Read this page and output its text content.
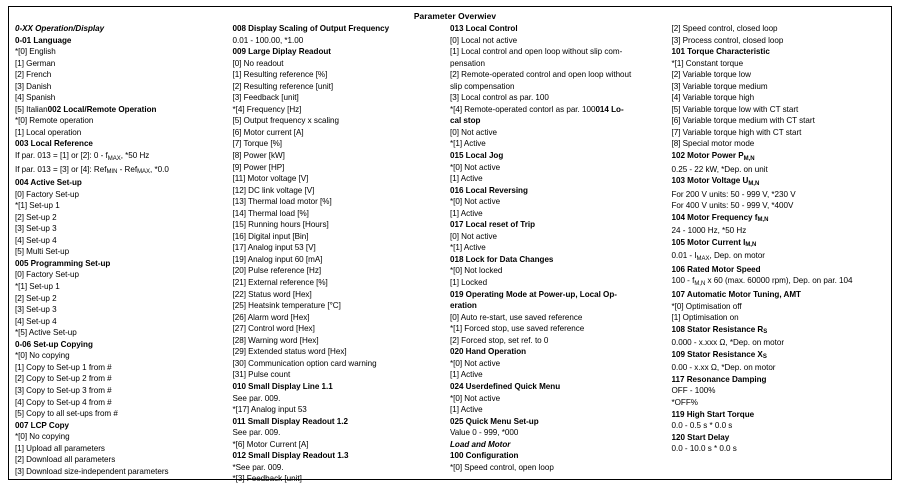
Parameter Overwiev
0-XX Operation/Display
0-01 Language
*[0] English
[1] German
[2] French
[3] Danish
[4] Spanish
[5] Italian002 Local/Remote Operation
*[0] Remote operation
[1] Local operation
003 Local Reference
If par. 013 = [1] or [2]: $0 - f_{MAX}$, *50 Hz
If par. 013 = [3] or [4]: Ref$_{MIN}$ - Ref$_{MAX}$, *0.0
004 Active Set-up
[0] Factory Set-up
*[1] Set-up 1
[2] Set-up 2
[3] Set-up 3
[4] Set-up 4
[5] Multi Set-up
005 Programming Set-up
[0] Factory Set-up
*[1] Set-up 1
[2] Set-up 2
[3] Set-up 3
[4] Set-up 4
*[5] Active Set-up
0-06 Set-up Copying
*[0] No copying
[1] Copy to Set-up 1 from #
[2] Copy to Set-up 2 from #
[3] Copy to Set-up 3 from #
[4] Copy to Set-up 4 from #
[5] Copy to all set-ups from #
007 LCP Copy
*[0] No copying
[1] Upload all parameters
[2] Download all parameters
[3] Download size-independent parameters
008 Display Scaling of Output Frequency
0.01 - 100.00, *1.00
009 Large Diplay Readout
[0] No readout
[1] Resulting reference [%]
[2] Resulting reference [unit]
[3] Feedback [unit]
*[4] Frequency [Hz]
[5] Output frequency x scaling
[6] Motor current [A]
[7] Torque [%]
[8] Power [kW]
[9] Power [HP]
[11] Motor voltage [V]
[12] DC link voltage [V]
[13] Thermal load motor [%]
[14] Thermal load [%]
[15] Running hours [Hours]
[16] Digital input [Bin]
[17] Analog input 53 [V]
[19] Analog input 60 [mA]
[20] Pulse reference [Hz]
[21] External reference [%]
[22] Status word [Hex]
[25] Heatsink temperature [°C]
[26] Alarm word [Hex]
[27] Control word [Hex]
[28] Warning word [Hex]
[29] Extended status word [Hex]
[30] Communication option card warning
[31] Pulse count
010 Small Display Line 1.1
See par. 009.
*[17] Analog input 53
011 Small Display Readout 1.2
See par. 009.
*[6] Motor Current [A]
012 Small Display Readout 1.3
*See par. 009.
*[3] Feedback [unit]
013 Local Control
[0] Local not active
[1] Local control and open loop without slip com-
pensation
[2] Remote-operated control and open loop without
slip compensation
[3] Local control as par. 100
*[4] Remote-operated contorl as par. 100014 Lo-
cal stop
[0] Not active
*[1] Active
015 Local Jog
*[0] Not active
[1] Active
016 Local Reversing
*[0] Not active
[1] Active
017 Local reset of Trip
[0] Not active
*[1] Active
018 Lock for Data Changes
*[0] Not locked
[1] Locked
019 Operating Mode at Power-up, Local Op-
eration
[0] Auto re-start, use saved reference
*[1] Forced stop, use saved reference
[2] Forced stop, set ref. to 0
020 Hand Operation
*[0] Not active
[1] Active
024 Userdefined Quick Menu
*[0] Not active
[1] Active
025 Quick Menu Set-up
Value 0 - 999, *000
Load and Motor
100 Configuration
*[0] Speed control, open loop
[2] Speed control, closed loop
[3] Process control, closed loop
101 Torque Characteristic
*[1] Constant torque
[2] Variable torque low
[3] Variable torque medium
[4] Variable torque high
[5] Variable torque low with CT start
[6] Variable torque medium with CT start
[7] Variable torque high with CT start
[8] Special motor mode
102 Motor Power $P_{M,N}$
0.25 - 22 kW, *Dep. on unit
103 Motor Voltage $U_{M,N}$
For 200 V units: 50 - 999 V, *230 V
For 400 V units: 50 - 999 V, *400V
104 Motor Frequency $f_{M,N}$
24 - 1000 Hz, *50 Hz
105 Motor Current $I_{M,N}$
$0.01 - I_{MAX}$, Dep. on motor
106 Rated Motor Speed
$100 - f_{M,N}$ x 60 (max. 60000 rpm), Dep. on par. 104
107 Automatic Motor Tuning, AMT
*[0] Optimisation off
[1] Optimisation on
108 Stator Resistance $R_S$
0.000 - x.xxx Ω, *Dep. on motor
109 Stator Resistance $X_S$
0.00 - x.xx Ω, *Dep. on motor
117 Resonance Damping
OFF - 100%
*OFF%
119 High Start Torque
0.0 - 0.5 s * 0.0 s
120 Start Delay
0.0 - 10.0 s * 0.0 s
